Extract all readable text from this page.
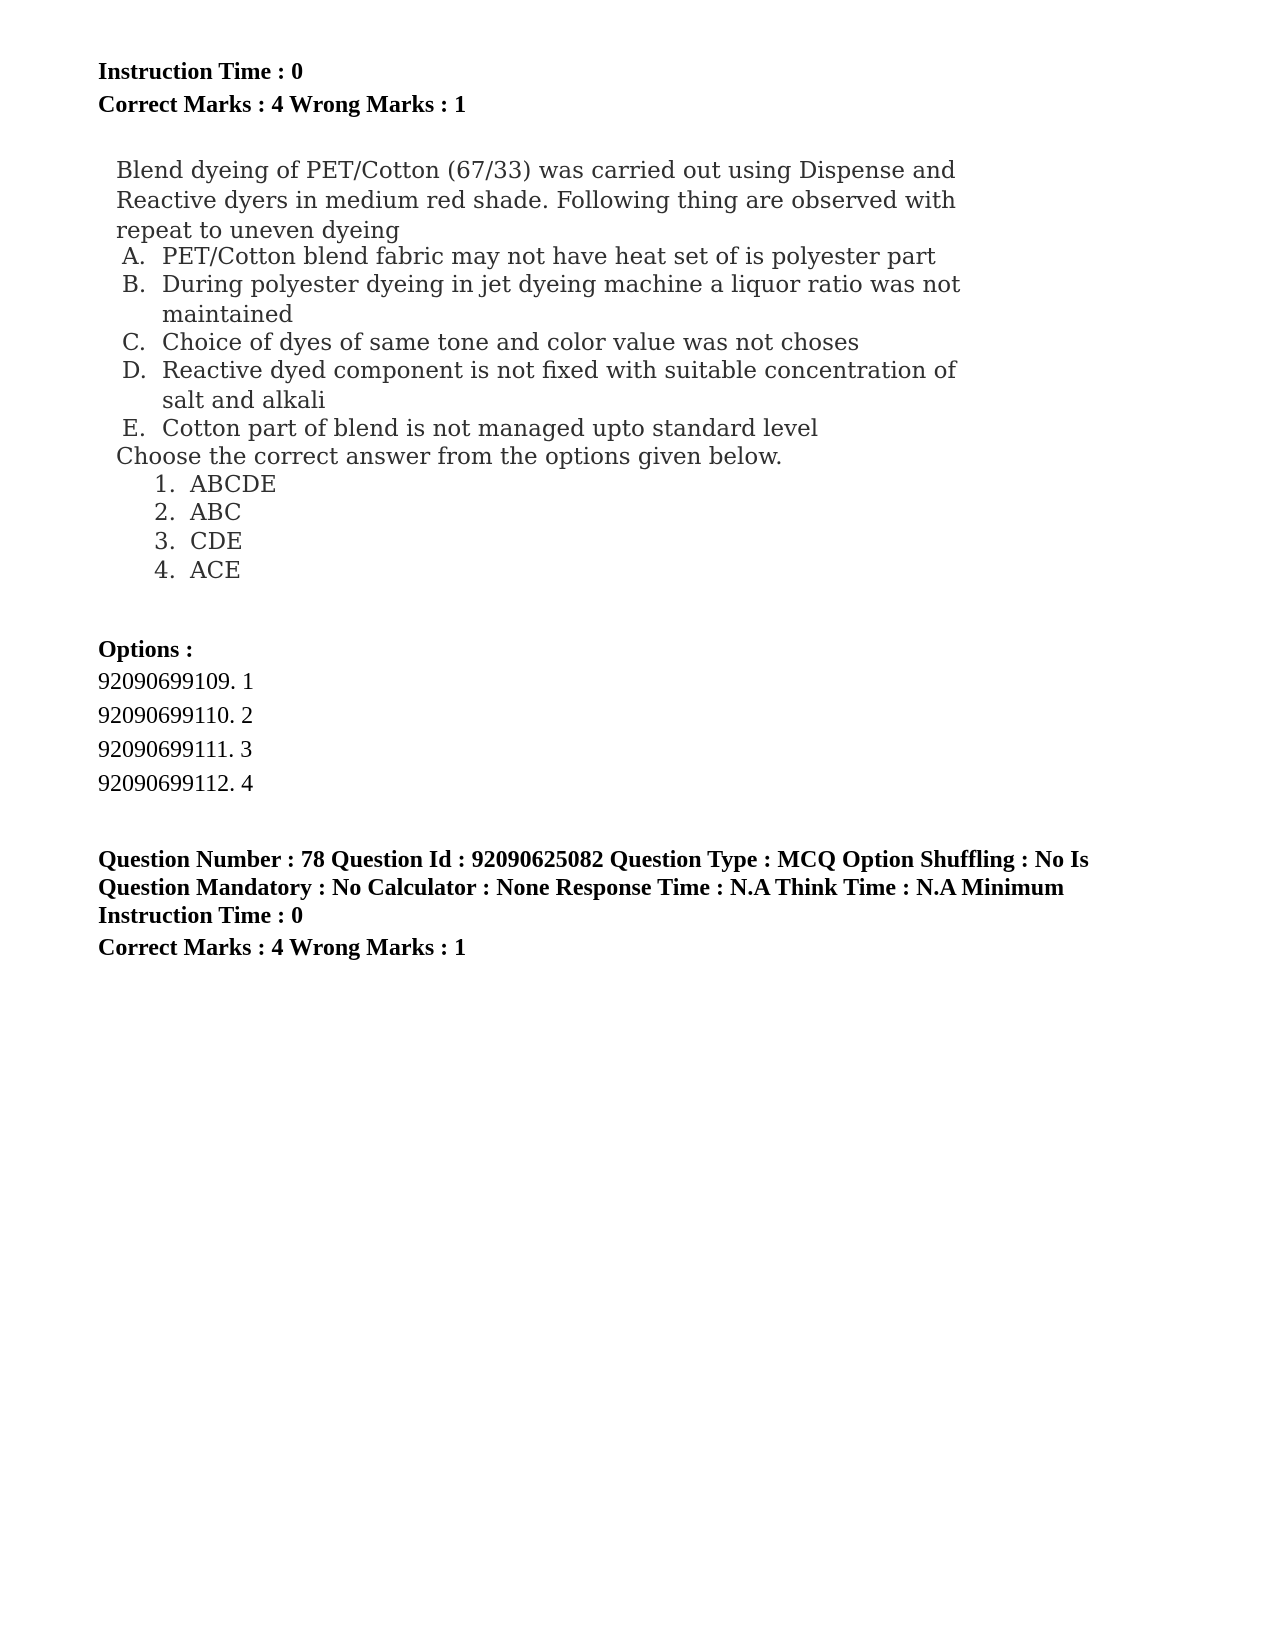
Instruction Time : 0
Correct Marks : 4 Wrong Marks : 1
Blend dyeing of PET/Cotton (67/33) was carried out using Dispense and
Reactive dyers in medium red shade. Following thing are observed with
repeat to uneven dyeing
A. PET/Cotton blend fabric may not have heat set of is polyester part
B. During polyester dyeing in jet dyeing machine a liquor ratio was not
maintained
C. Choice of dyes of same tone and color value was not choses
D. Reactive dyed component is not fixed with suitable concentration of
salt and alkali
E. Cotton part of blend is not managed upto standard level
Choose the correct answer from the options given below.
1. ABCDE
2. ABC
3. CDE
4. ACE
Options :
92090699109. 1
92090699110. 2
92090699111. 3
92090699112. 4
Question Number : 78 Question Id : 92090625082 Question Type : MCQ Option Shuffling : No Is Question Mandatory : No Calculator : None Response Time : N.A Think Time : N.A Minimum Instruction Time : 0
Correct Marks : 4 Wrong Marks : 1
